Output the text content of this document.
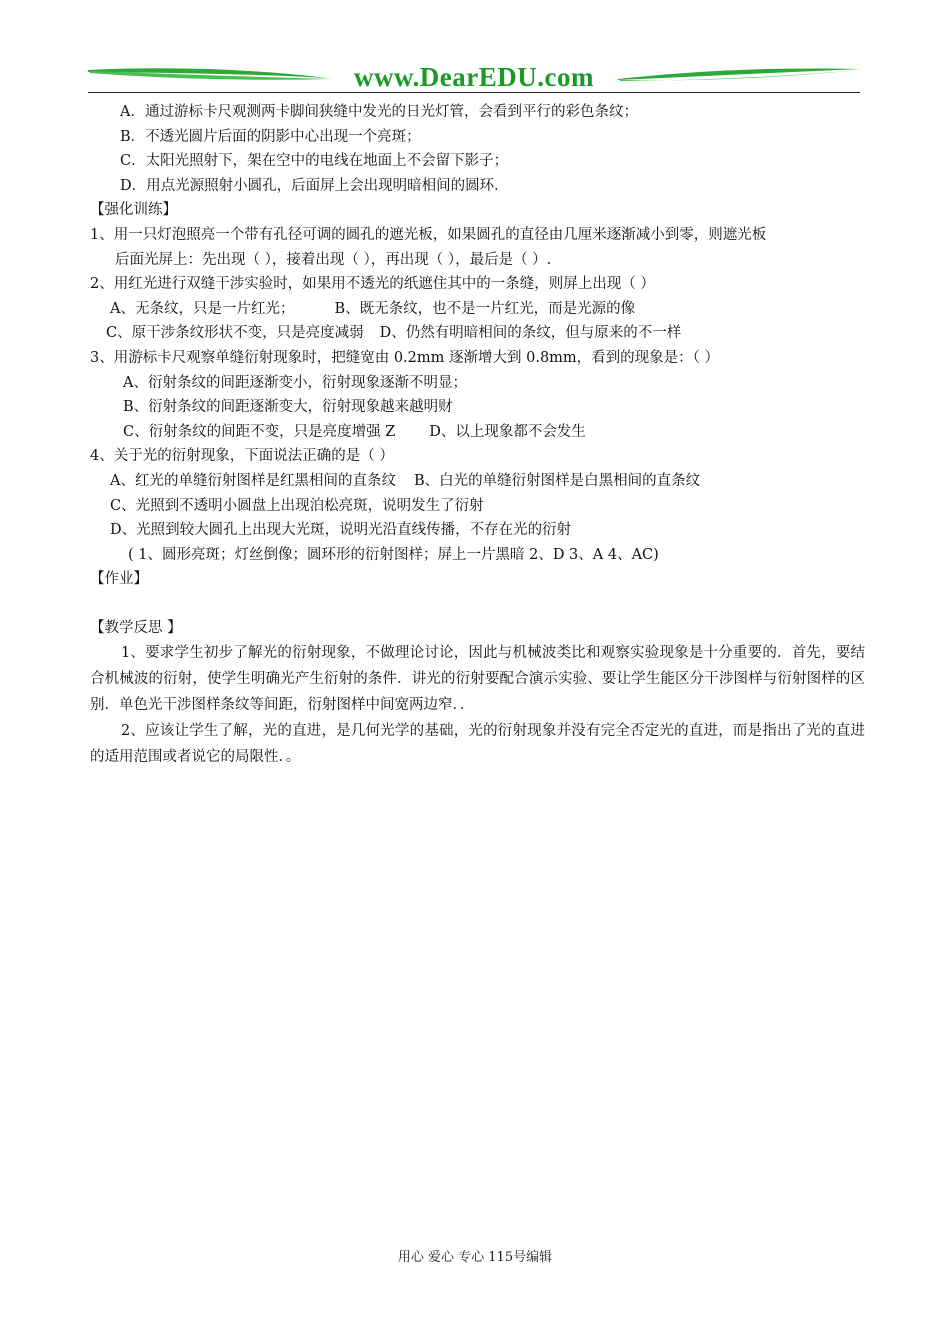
www.DearEDU.com
A．通过游标卡尺观测两卡脚间狭缝中发光的日光灯管，会看到平行的彩色条纹；
B．不透光圆片后面的阴影中心出现一个亮斑；
C．太阳光照射下，架在空中的电线在地面上不会留下影子；
D．用点光源照射小圆孔，后面屏上会出现明暗相间的圆环．
【强化训练】
1、用一只灯泡照亮一个带有孔径可调的圆孔的遮光板，如果圆孔的直径由几厘米逐渐减小到零，则遮光板
后面光屏上：先出现（ ），接着出现（ ），再出现（ ），最后是（ ）.
2、用红光进行双缝干涉实验时，如果用不透光的纸遮住其中的一条缝，则屏上出现（ ）
A、无条纹，只是一片红光；	B、既无条纹，也不是一片红光，而是光源的像
C、原干涉条纹形状不变，只是亮度减弱 D、仍然有明暗相间的条纹，但与原来的不一样
3、用游标卡尺观察单缝衍射现象时，把缝宽由 0.2mm 逐渐增大到 0.8mm，看到的现象是：（ ）
A、衍射条纹的间距逐渐变小，衍射现象逐渐不明显；
B、衍射条纹的间距逐渐变大，衍射现象越来越明财
C、衍射条纹的间距不变，只是亮度增强 Z D、以上现象都不会发生
4、关于光的衍射现象，下面说法正确的是（ ）
A、红光的单缝衍射图样是红黑相间的直条纹 B、白光的单缝衍射图样是白黑相间的直条纹
C、光照到不透明小圆盘上出现泊松亮斑，说明发生了衍射
D、光照到较大圆孔上出现大光斑，说明光沿直线传播，不存在光的衍射
( 1、圆形亮斑；灯丝倒像；圆环形的衍射图样；屏上一片黑暗 2、D 3、A 4、AC)
【作业】
【教学反思 】
1、要求学生初步了解光的衍射现象，不做理论讨论，因此与机械波类比和观察实验现象是十分重要的．首先，要结合机械波的衍射，使学生明确光产生衍射的条件．讲光的衍射要配合演示实验、要让学生能区分干涉图样与衍射图样的区别．单色光干涉图样条纹等间距，衍射图样中间宽两边窄．．
2、应该让学生了解，光的直进，是几何光学的基础，光的衍射现象并没有完全否定光的直进，而是指出了光的直进的适用范围或者说它的局限性．。
用心 爱心 专心 115号编辑
